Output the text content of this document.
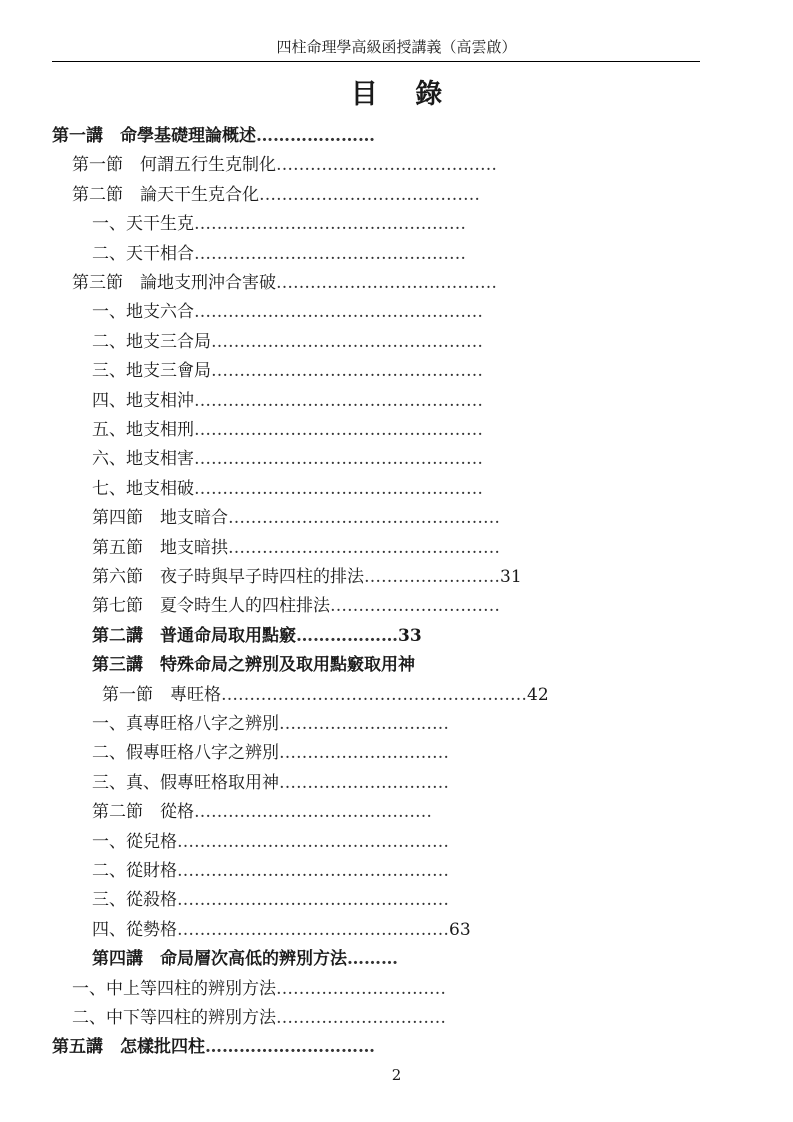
四柱命理學高級函授講義（高雲啟）
目 錄
第一講　命學基礎理論概述…………………
第一節　何謂五行生克制化…………………………………
第二節　論天干生克合化…………………………………
一、天干生克…………………………………………
二、天干相合…………………………………………
第三節　論地支刑沖合害破…………………………………
一、地支六合……………………………………………
二、地支三合局…………………………………………
三、地支三會局…………………………………………
四、地支相沖……………………………………………
五、地支相刑……………………………………………
六、地支相害……………………………………………
七、地支相破……………………………………………
第四節　地支暗合…………………………………………
第五節　地支暗拱…………………………………………
第六節　夜子時與早子時四柱的排法……………………31
第七節　夏令時生人的四柱排法…………………………
第二講　普通命局取用點竅………………33
第三講　特殊命局之辨別及取用點竅取用神
第一節　專旺格………………………………………………42
一、真專旺格八字之辨別…………………………
二、假專旺格八字之辨別…………………………
三、真、假專旺格取用神…………………………
第二節　從格……………………………………
一、從兒格…………………………………………
二、從財格…………………………………………
三、從殺格…………………………………………
四、從勢格…………………………………………63
第四講　命局層次高低的辨別方法………
一、中上等四柱的辨別方法…………………………
二、中下等四柱的辨別方法…………………………
第五講　怎樣批四柱…………………………
2
